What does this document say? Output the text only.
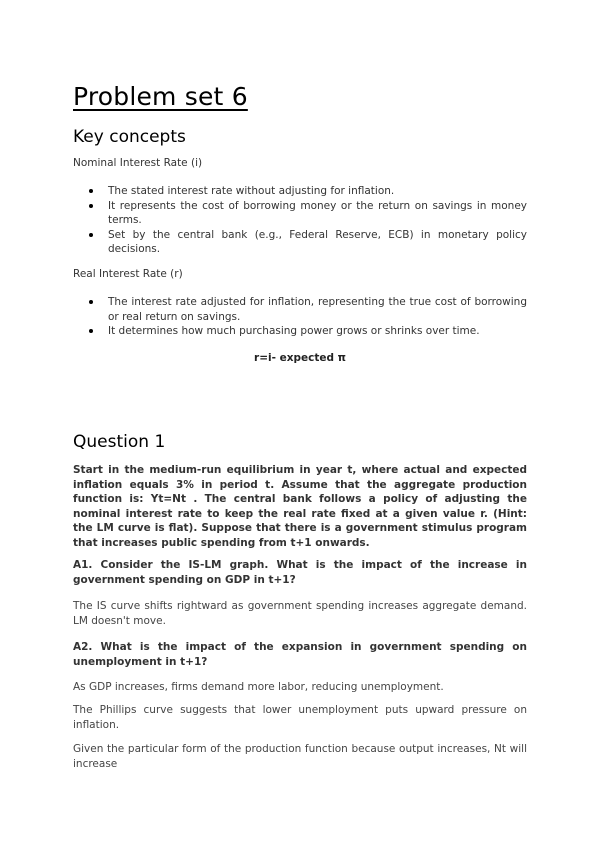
Problem set 6
Key concepts

Nominal Interest Rate (i)

The stated interest rate without adjusting for inflation.
It represents the cost of borrowing money or the return on savings in money terms.
Set by the central bank (e.g., Federal Reserve, ECB) in monetary policy decisions.

Real Interest Rate (r)

The interest rate adjusted for inflation, representing the true cost of borrowing or real return on savings.
It determines how much purchasing power grows or shrinks over time.
r=i- expected π
Question 1

Start in the medium-run equilibrium in year t, where actual and expected inflation equals 3% in period t. Assume that the aggregate production function is: Yt=Nt . The central bank follows a policy of adjusting the nominal interest rate to keep the real rate fixed at a given value r. (Hint: the LM curve is flat). Suppose that there is a government stimulus program that increases public spending from t+1 onwards.

A1. Consider the IS-LM graph. What is the impact of the increase in government spending on GDP in t+1?

The IS curve shifts rightward as government spending increases aggregate demand. LM doesn't move.

A2. What is the impact of the expansion in government spending on unemployment in t+1?

As GDP increases, firms demand more labor, reducing unemployment.

The Phillips curve suggests that lower unemployment puts upward pressure on inflation.

Given the particular form of the production function because output increases, Nt will increase
